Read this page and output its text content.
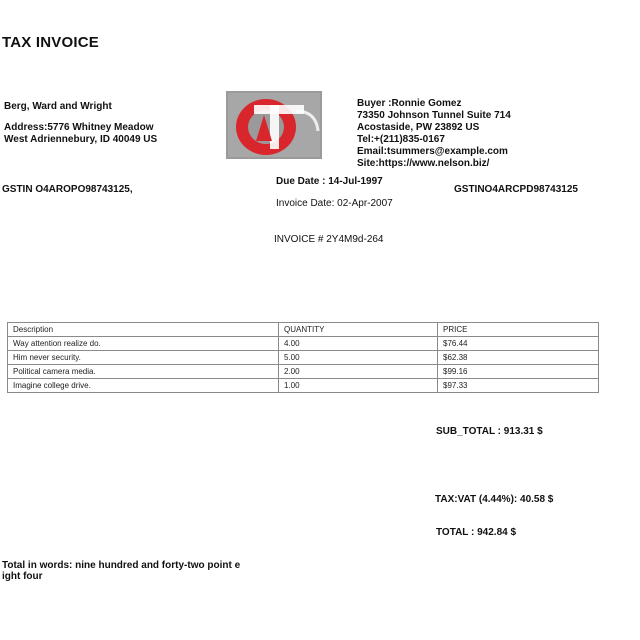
TAX INVOICE
Berg, Ward and Wright
Address:5776 Whitney Meadow
West Adriennebury, ID 40049 US
Buyer :Ronnie Gomez
73350 Johnson Tunnel Suite 714
Acostaside, PW 23892 US
Tel:+(211)835-0167
Email:tsummers@example.com
Site:https://www.nelson.biz/
GSTIN O4AROPO98743125,
Due Date : 14-Jul-1997
GSTINO4ARCPD98743125
Invoice Date: 02-Apr-2007
INVOICE # 2Y4M9d-264
Description	QUANTITY	PRICE
Way attention realize do.	4.00	$76.44
Him never security.	5.00	$62.38
Political camera media.	2.00	$99.16
Imagine college drive.	1.00	$97.33
SUB_TOTAL : 913.31 $
TAX:VAT (4.44%): 40.58 $
TOTAL : 942.84 $
Total in words: nine hundred and forty-two point eight four
